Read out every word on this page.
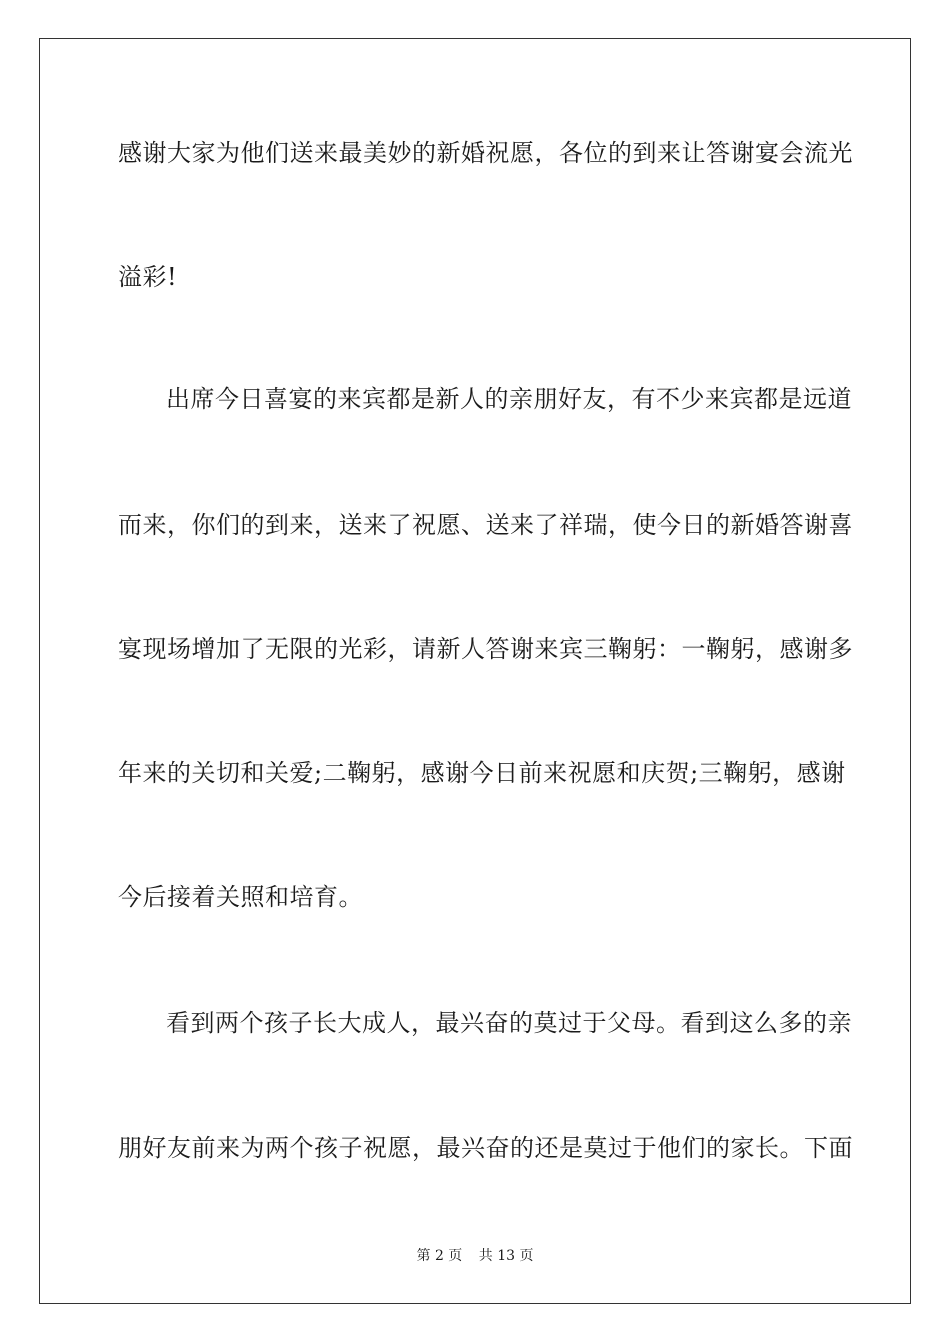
感谢大家为他们送来最美妙的新婚祝愿，各位的到来让答谢宴会流光
溢彩!
出席今日喜宴的来宾都是新人的亲朋好友，有不少来宾都是远道
而来，你们的到来，送来了祝愿、送来了祥瑞，使今日的新婚答谢喜
宴现场增加了无限的光彩，请新人答谢来宾三鞠躬：一鞠躬，感谢多
年来的关切和关爱;二鞠躬，感谢今日前来祝愿和庆贺;三鞠躬，感谢
今后接着关照和培育。
看到两个孩子长大成人，最兴奋的莫过于父母。看到这么多的亲
朋好友前来为两个孩子祝愿，最兴奋的还是莫过于他们的家长。下面
第 2 页 共 13 页
